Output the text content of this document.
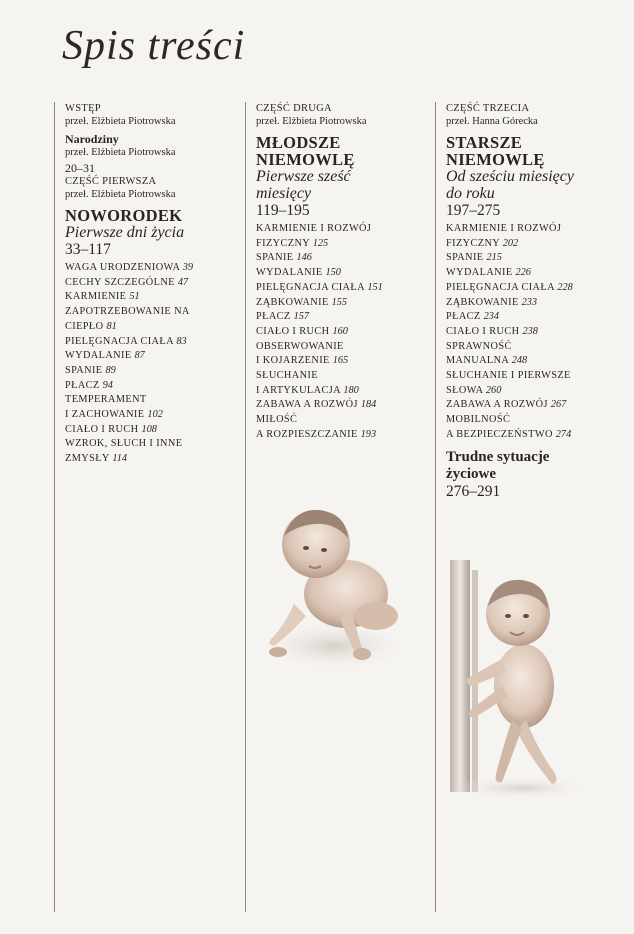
Spis treści
WSTĘP
przeł. Elżbieta Piotrowska
Narodziny
przeł. Elżbieta Piotrowska
20–31
CZĘŚĆ PIERWSZA
przeł. Elżbieta Piotrowska
NOWORODEK
Pierwsze dni życia
33–117
WAGA URODZENIOWA 39
CECHY SZCZEGÓLNE 47
KARMIENIE 51
ZAPOTRZEBOWANIE NA
CIEPŁO 81
PIELĘGNACJA CIAŁA 83
WYDALANIE 87
SPANIE 89
PŁACZ 94
TEMPERAMENT
I ZACHOWANIE 102
CIAŁO I RUCH 108
WZROK, SŁUCH I INNE
ZMYSŁY 114
CZĘŚĆ DRUGA
przeł. Elżbieta Piotrowska
MŁODSZE
NIEMOWLĘ
Pierwsze sześć
miesięcy
119–195
KARMIENIE I ROZWÓJ
FIZYCZNY 125
SPANIE 146
WYDALANIE 150
PIELĘGNACJA CIAŁA 151
ZĄBKOWANIE 155
PŁACZ 157
CIAŁO I RUCH 160
OBSERWOWANIE
I KOJARZENIE 165
SŁUCHANIE
I ARTYKULACJA 180
ZABAWA A ROZWÓJ 184
MIŁOŚĆ
A ROZPIESZCZANIE 193
CZĘŚĆ TRZECIA
przeł. Hanna Górecka
STARSZE
NIEMOWLĘ
Od sześciu miesięcy
do roku
197–275
KARMIENIE I ROZWÓJ
FIZYCZNY 202
SPANIE 215
WYDALANIE 226
PIELĘGNACJA CIAŁA 228
ZĄBKOWANIE 233
PŁACZ 234
CIAŁO I RUCH 238
SPRAWNOŚĆ
MANUALNA 248
SŁUCHANIE I PIERWSZE
SŁOWA 260
ZABAWA A ROZWÓJ 267
MOBILNOŚĆ
A BEZPIECZEŃSTWO 274
Trudne sytuacje
życiowe
276–291
